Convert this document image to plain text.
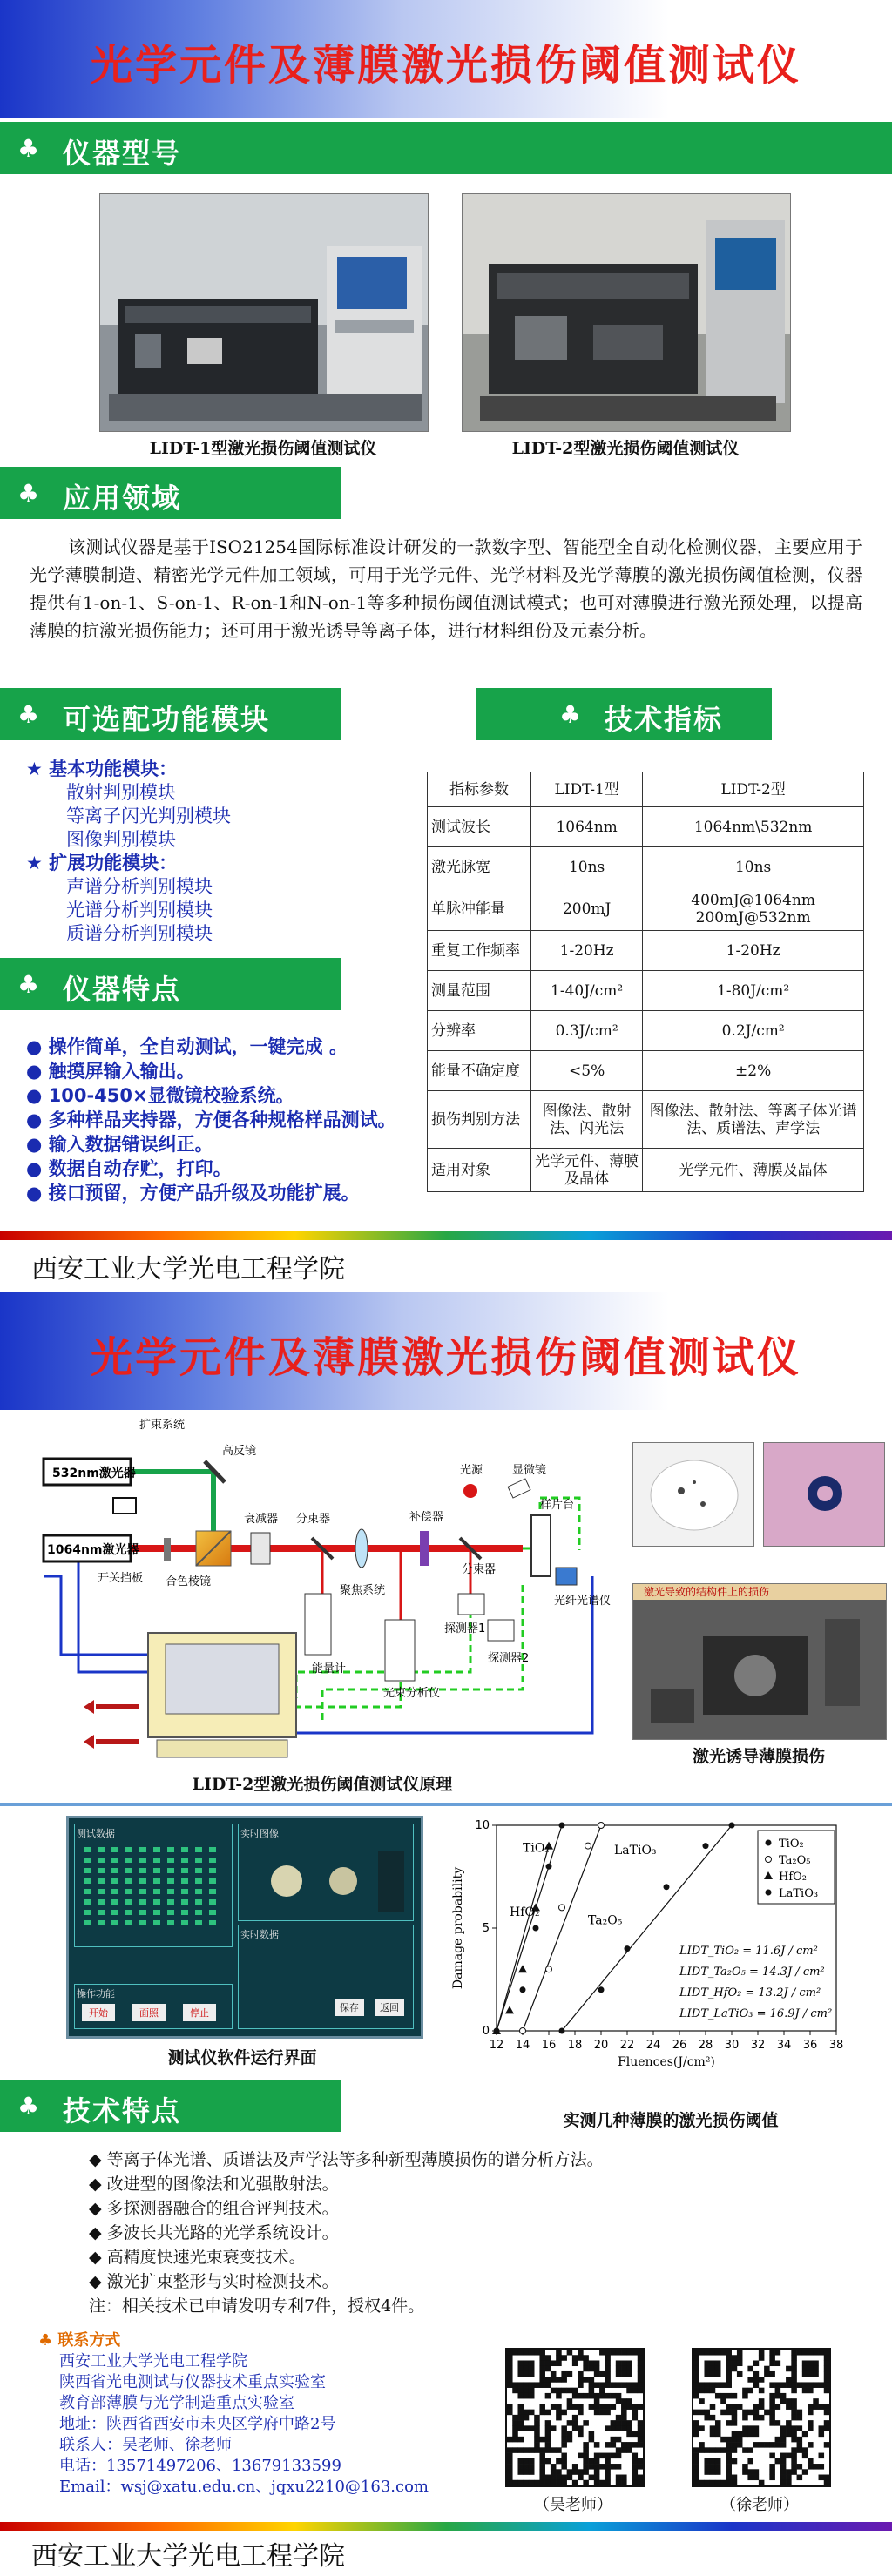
光学元件及薄膜激光损伤阈值测试仪
♣ 仪器型号
LIDT-1型激光损伤阈值测试仪	LIDT-2型激光损伤阈值测试仪
♣ 应用领域
该测试仪器是基于ISO21254国际标准设计研发的一款数字型、智能型全自动化检测仪器，主要应用于光学薄膜制造、精密光学元件加工领域，可用于光学元件、光学材料及光学薄膜的激光损伤阈值检测，仪器提供有1-on-1、S-on-1、R-on-1和N-on-1等多种损伤阈值测试模式；也可对薄膜进行激光预处理，以提高薄膜的抗激光损伤能力；还可用于激光诱导等离子体，进行材料组份及元素分析。
♣ 可选配功能模块	♣ 技术指标
★ 基本功能模块：
散射判别模块
等离子闪光判别模块
图像判别模块
★ 扩展功能模块：
声谱分析判别模块
光谱分析判别模块
质谱分析判别模块
♣ 仪器特点
● 操作简单，全自动测试，一键完成 。
● 触摸屏输入输出。
● 100-450×显微镜校验系统。
● 多种样品夹持器，方便各种规格样品测试。
● 输入数据错误纠正。
● 数据自动存贮，打印。
● 接口预留，方便产品升级及功能扩展。
指标参数	LIDT-1型	LIDT-2型
测试波长	1064nm	1064nm\532nm
激光脉宽	10ns	10ns
单脉冲能量	200mJ	400mJ@1064nm 200mJ@532nm
重复工作频率	1-20Hz	1-20Hz
测量范围	1-40J/cm²	1-80J/cm²
分辨率	0.3J/cm²	0.2J/cm²
能量不确定度	<5%	±2%
损伤判别方法	图像法、散射法、闪光法	图像法、散射法、等离子体光谱法、质谱法、声学法
适用对象	光学元件、薄膜及晶体	光学元件、薄膜及晶体
西安工业大学光电工程学院
光学元件及薄膜激光损伤阈值测试仪
532nm激光器
1064nm激光器
扩束系统
高反镜
衰减器 分束器
分束器
补偿器
聚焦系统
光源	显微镜
样片台
光纤光谱仪
探测器1
探测器2
能量计
光束分析仪
开关挡板 合色棱镜
LIDT-2型激光损伤阈值测试仪原理
激光导致的结构件上的损伤
激光诱导薄膜损伤
测试数据	实时图像
操作功能
开始	面照	停止
实时数据
保存	返回
测试仪软件运行界面
12 14 16 18 20 22 24 26 28 30 32 34 36 38
0
5
10
Fluences(J/cm²)
Damage probability
TiO₂
HfO₂
LaTiO₃
Ta₂O₅
TiO₂
Ta₂O₅
HfO₂
LaTiO₃
LIDT_TiO₂ = 11.6J / cm²
LIDT_Ta₂O₅ = 14.3J / cm²
LIDT_HfO₂ = 13.2J / cm²
LIDT_LaTiO₃ = 16.9J / cm²
实测几种薄膜的激光损伤阈值
♣ 技术特点
◆ 等离子体光谱、质谱法及声学法等多种新型薄膜损伤的谱分析方法。
◆ 改进型的图像法和光强散射法。
◆ 多探测器融合的组合评判技术。
◆ 多波长共光路的光学系统设计。
◆ 高精度快速光束衰变技术。
◆ 激光扩束整形与实时检测技术。
注：相关技术已申请发明专利7件，授权4件。
♣ 联系方式
西安工业大学光电工程学院
陕西省光电测试与仪器技术重点实验室
教育部薄膜与光学制造重点实验室
地址：陕西省西安市未央区学府中路2号
联系人：吴老师、徐老师
电话：13571497206、13679133599
Email：wsj@xatu.edu.cn、jqxu2210@163.com
（吴老师）	（徐老师）
西安工业大学光电工程学院
